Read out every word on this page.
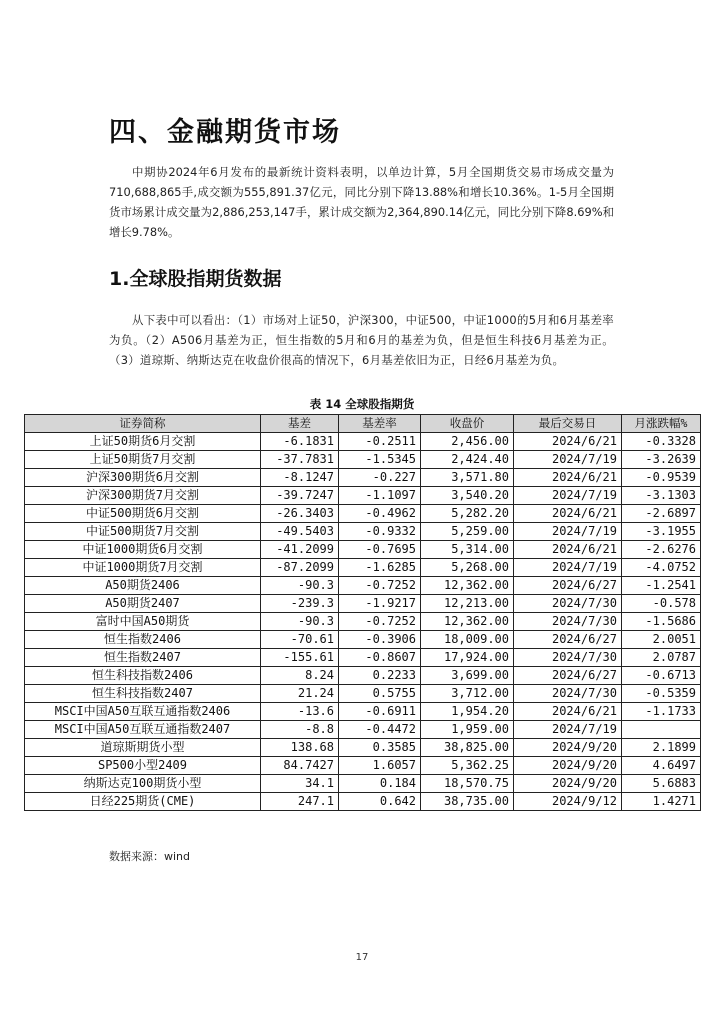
四、金融期货市场
中期协2024年6月发布的最新统计资料表明，以单边计算，5月全国期货交易市场成交量为710,688,865手,成交额为555,891.37亿元，同比分别下降13.88%和增长10.36%。1-5月全国期货市场累计成交量为2,886,253,147手，累计成交额为2,364,890.14亿元，同比分别下降8.69%和增长9.78%。
1.全球股指期货数据
从下表中可以看出：（1）市场对上证50，沪深300，中证500，中证1000的5月和6月基差率为负。（2）A506月基差为正，恒生指数的5月和6月的基差为负，但是恒生科技6月基差为正。（3）道琼斯、纳斯达克在收盘价很高的情况下，6月基差依旧为正，日经6月基差为负。
表 14 全球股指期货
证券简称	基差	基差率	收盘价	最后交易日	月涨跌幅%
上证50期货6月交割	-6.1831	-0.2511	2,456.00	2024/6/21	-0.3328
上证50期货7月交割	-37.7831	-1.5345	2,424.40	2024/7/19	-3.2639
沪深300期货6月交割	-8.1247	-0.227	3,571.80	2024/6/21	-0.9539
沪深300期货7月交割	-39.7247	-1.1097	3,540.20	2024/7/19	-3.1303
中证500期货6月交割	-26.3403	-0.4962	5,282.20	2024/6/21	-2.6897
中证500期货7月交割	-49.5403	-0.9332	5,259.00	2024/7/19	-3.1955
中证1000期货6月交割	-41.2099	-0.7695	5,314.00	2024/6/21	-2.6276
中证1000期货7月交割	-87.2099	-1.6285	5,268.00	2024/7/19	-4.0752
A50期货2406	-90.3	-0.7252	12,362.00	2024/6/27	-1.2541
A50期货2407	-239.3	-1.9217	12,213.00	2024/7/30	-0.578
富时中国A50期货	-90.3	-0.7252	12,362.00	2024/7/30	-1.5686
恒生指数2406	-70.61	-0.3906	18,009.00	2024/6/27	2.0051
恒生指数2407	-155.61	-0.8607	17,924.00	2024/7/30	2.0787
恒生科技指数2406	8.24	0.2233	3,699.00	2024/6/27	-0.6713
恒生科技指数2407	21.24	0.5755	3,712.00	2024/7/30	-0.5359
MSCI中国A50互联互通指数2406	-13.6	-0.6911	1,954.20	2024/6/21	-1.1733
MSCI中国A50互联互通指数2407	-8.8	-0.4472	1,959.00	2024/7/19	
道琼斯期货小型	138.68	0.3585	38,825.00	2024/9/20	2.1899
SP500小型2409	84.7427	1.6057	5,362.25	2024/9/20	4.6497
纳斯达克100期货小型	34.1	0.184	18,570.75	2024/9/20	5.6883
日经225期货(CME)	247.1	0.642	38,735.00	2024/9/12	1.4271
数据来源：wind
17
